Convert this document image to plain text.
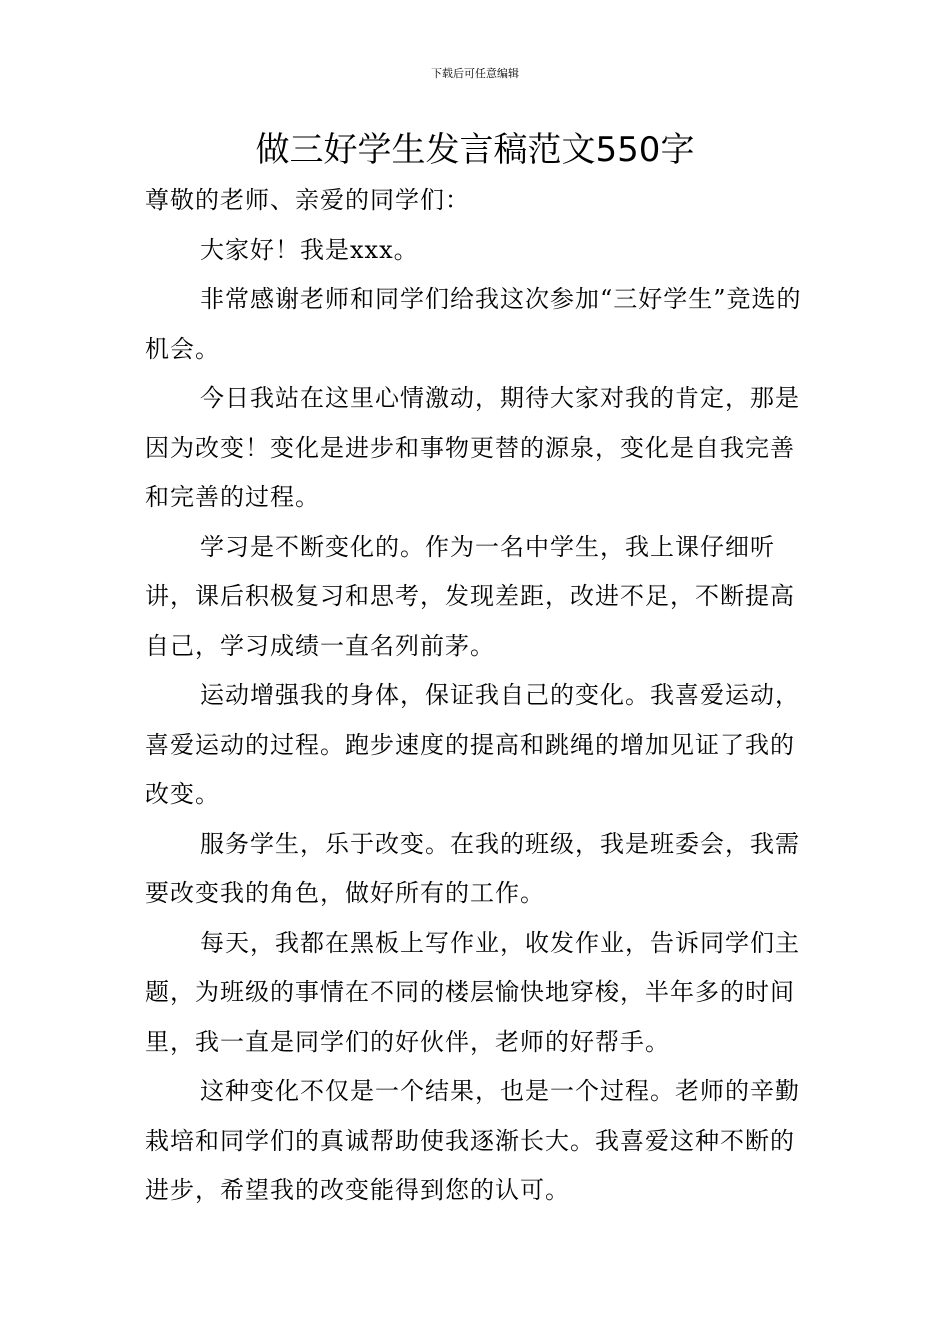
下载后可任意编辑
做三好学生发言稿范文550字

尊敬的老师、亲爱的同学们：

大家好！我是xxx。

非常感谢老师和同学们给我这次参加“三好学生”竞选的机会。

今日我站在这里心情激动，期待大家对我的肯定，那是因为改变！变化是进步和事物更替的源泉，变化是自我完善和完善的过程。

学习是不断变化的。作为一名中学生，我上课仔细听讲，课后积极复习和思考，发现差距，改进不足，不断提高自己，学习成绩一直名列前茅。

运动增强我的身体，保证我自己的变化。我喜爱运动，喜爱运动的过程。跑步速度的提高和跳绳的增加见证了我的改变。

服务学生，乐于改变。在我的班级，我是班委会，我需要改变我的角色，做好所有的工作。

每天，我都在黑板上写作业，收发作业，告诉同学们主题，为班级的事情在不同的楼层愉快地穿梭，半年多的时间里，我一直是同学们的好伙伴，老师的好帮手。

这种变化不仅是一个结果，也是一个过程。老师的辛勤栽培和同学们的真诚帮助使我逐渐长大。我喜爱这种不断的进步，希望我的改变能得到您的认可。
